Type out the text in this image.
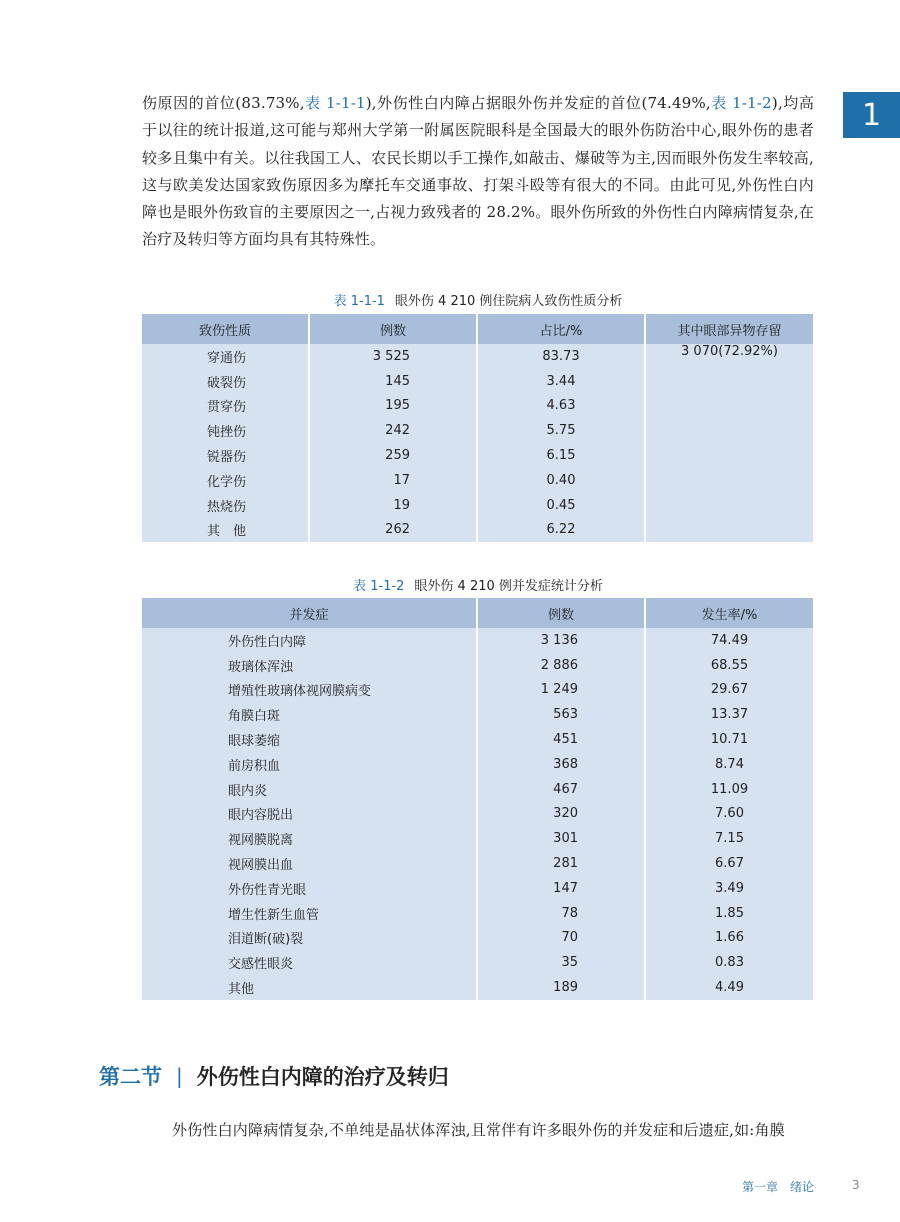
1
伤原因的首位(83.73%,表 1-1-1),外伤性白内障占据眼外伤并发症的首位(74.49%,表 1-1-2),均高于以往的统计报道,这可能与郑州大学第一附属医院眼科是全国最大的眼外伤防治中心,眼外伤的患者较多且集中有关。以往我国工人、农民长期以手工操作,如敲击、爆破等为主,因而眼外伤发生率较高,这与欧美发达国家致伤原因多为摩托车交通事故、打架斗殴等有很大的不同。由此可见,外伤性白内障也是眼外伤致盲的主要原因之一,占视力致残者的 28.2%。眼外伤所致的外伤性白内障病情复杂,在治疗及转归等方面均具有其特殊性。
表 1-1-1 眼外伤 4 210 例住院病人致伤性质分析
致伤性质	例数	占比/%	其中眼部异物存留
穿通伤	3 525	83.73	3 070(72.92%)
破裂伤	145	3.44	
贯穿伤	195	4.63	
钝挫伤	242	5.75	
锐器伤	259	6.15	
化学伤	17	0.40	
热烧伤	19	0.45	
其　他	262	6.22	
表 1-1-2 眼外伤 4 210 例并发症统计分析
并发症	例数	发生率/%
外伤性白内障	3 136	74.49
玻璃体浑浊	2 886	68.55
增殖性玻璃体视网膜病变	1 249	29.67
角膜白斑	563	13.37
眼球萎缩	451	10.71
前房积血	368	8.74
眼内炎	467	11.09
眼内容脱出	320	7.60
视网膜脱离	301	7.15
视网膜出血	281	6.67
外伤性青光眼	147	3.49
增生性新生血管	78	1.85
泪道断(破)裂	70	1.66
交感性眼炎	35	0.83
其他	189	4.49
第二节 | 外伤性白内障的治疗及转归
外伤性白内障病情复杂,不单纯是晶状体浑浊,且常伴有许多眼外伤的并发症和后遗症,如:角膜
第一章　绪论	3
